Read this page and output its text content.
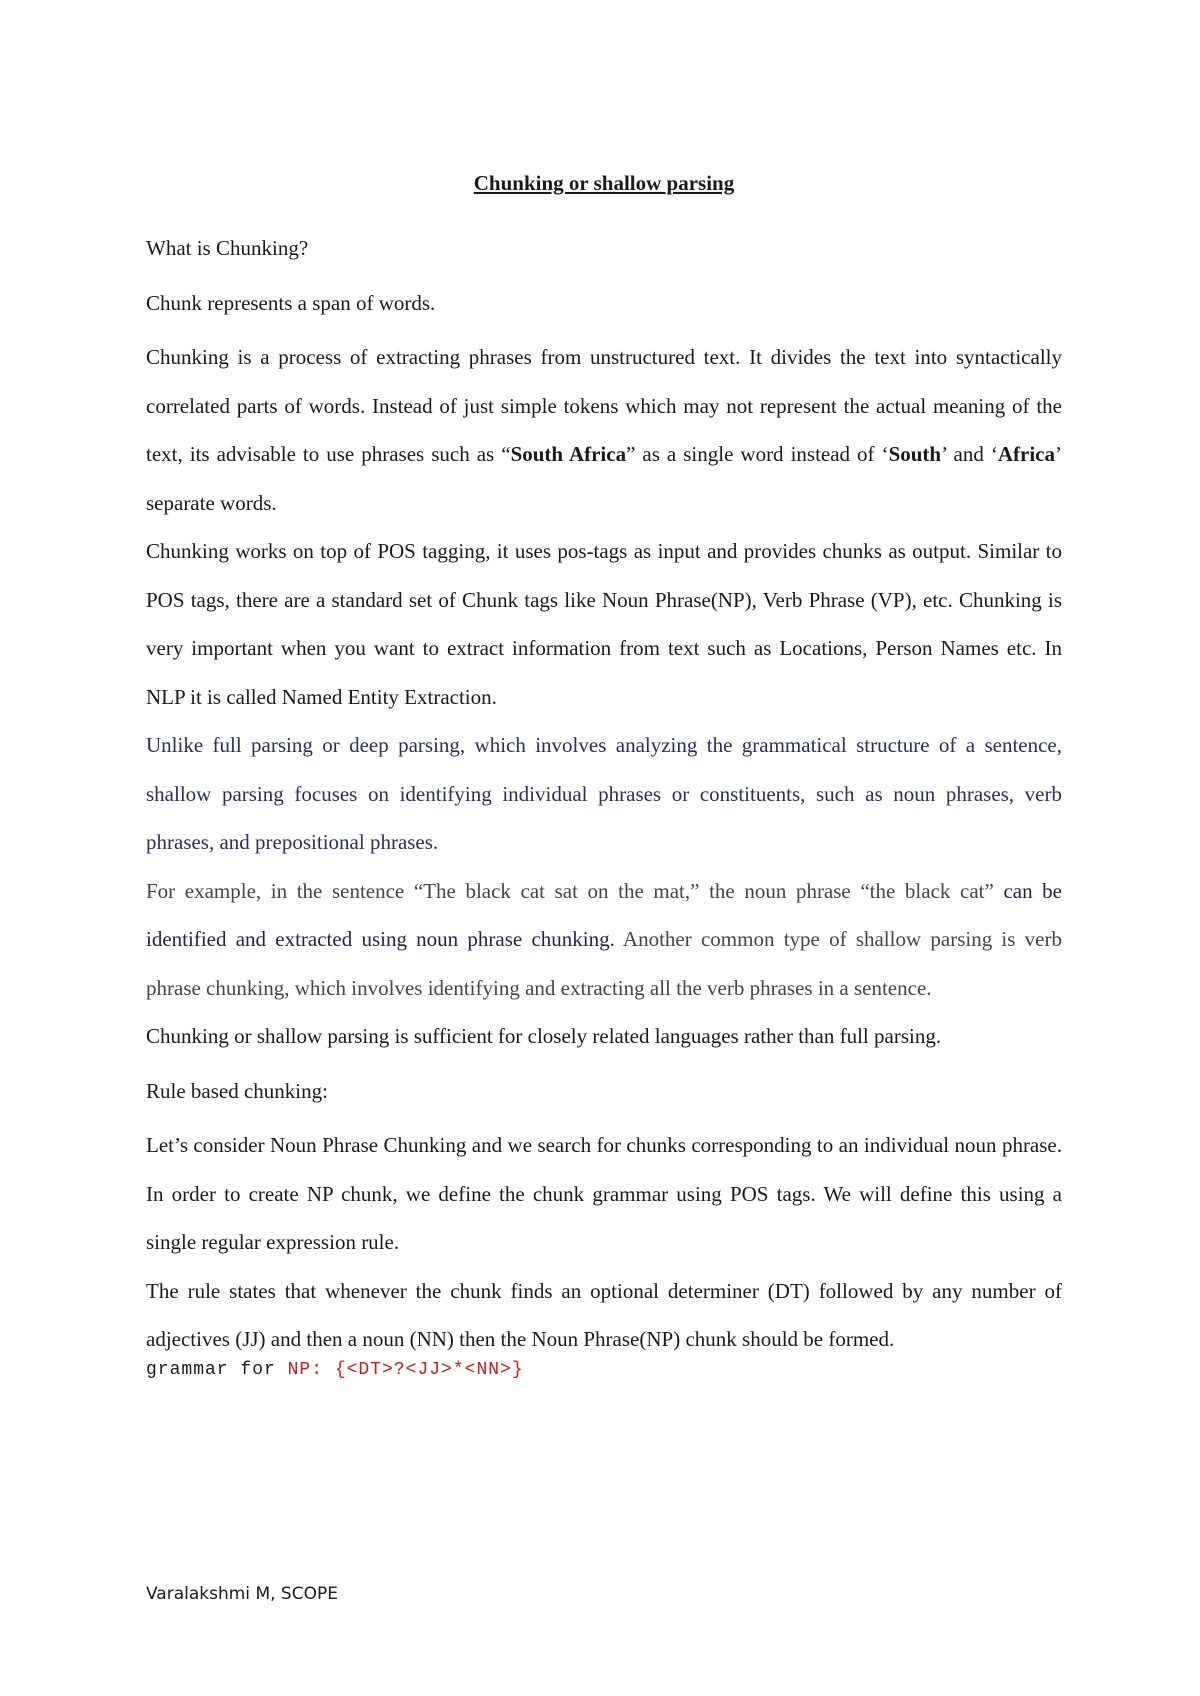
Chunking or shallow parsing

What is Chunking?

Chunk represents a span of words.

Chunking is a process of extracting phrases from unstructured text. It divides the text into syntactically correlated parts of words. Instead of just simple tokens which may not represent the actual meaning of the text, its advisable to use phrases such as “South Africa” as a single word instead of ‘South’ and ‘Africa’ separate words.

Chunking works on top of POS tagging, it uses pos-tags as input and provides chunks as output. Similar to POS tags, there are a standard set of Chunk tags like Noun Phrase(NP), Verb Phrase (VP), etc. Chunking is very important when you want to extract information from text such as Locations, Person Names etc. In NLP it is called Named Entity Extraction.

Unlike full parsing or deep parsing, which involves analyzing the grammatical structure of a sentence, shallow parsing focuses on identifying individual phrases or constituents, such as noun phrases, verb phrases, and prepositional phrases.

For example, in the sentence “The black cat sat on the mat,” the noun phrase “the black cat” can be identified and extracted using noun phrase chunking. Another common type of shallow parsing is verb phrase chunking, which involves identifying and extracting all the verb phrases in a sentence.

Chunking or shallow parsing is sufficient for closely related languages rather than full parsing.

Rule based chunking:

Let’s consider Noun Phrase Chunking and we search for chunks corresponding to an individual noun phrase. In order to create NP chunk, we define the chunk grammar using POS tags. We will define this using a single regular expression rule.

The rule states that whenever the chunk finds an optional determiner (DT) followed by any number of adjectives (JJ) and then a noun (NN) then the Noun Phrase(NP) chunk should be formed.

grammar for NP: {<DT>?<JJ>*<NN>}
Varalakshmi M, SCOPE
